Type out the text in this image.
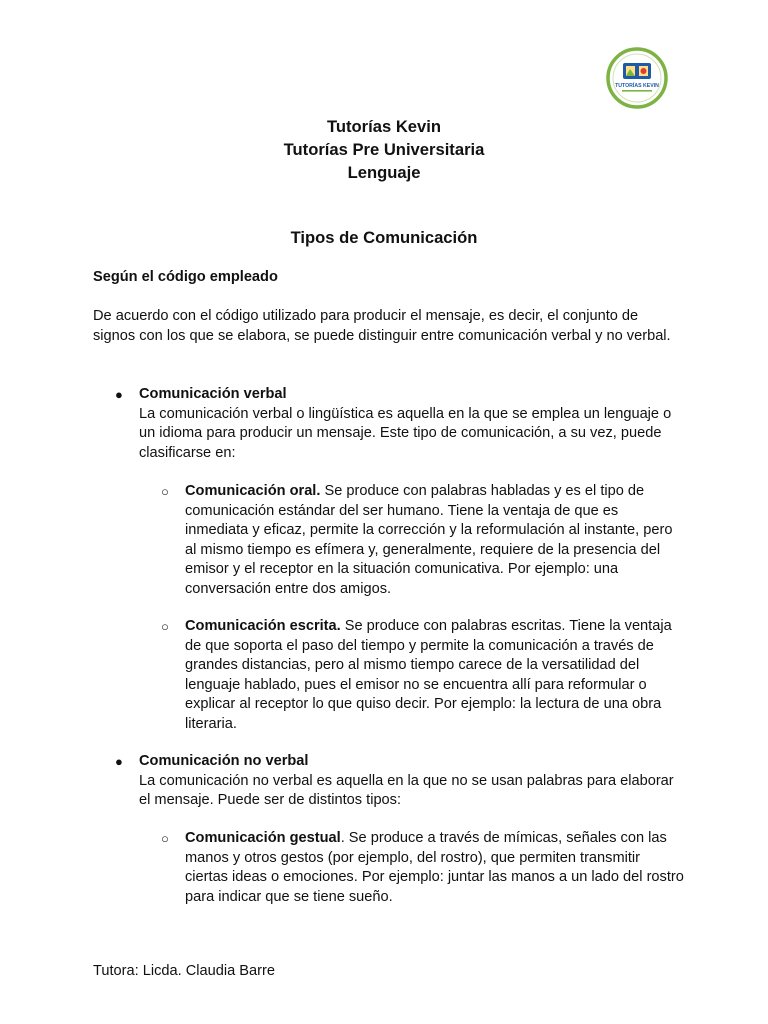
TUTORÍAS KEVIN
Tutorías Kevin
Tutorías Pre Universitaria
Lenguaje
Tipos de Comunicación
Según el código empleado

De acuerdo con el código utilizado para producir el mensaje, es decir, el conjunto de signos con los que se elabora, se puede distinguir entre comunicación verbal y no verbal.

● Comunicación verbal
La comunicación verbal o lingüística es aquella en la que se emplea un lenguaje o un idioma para producir un mensaje. Este tipo de comunicación, a su vez, puede clasificarse en:
○ Comunicación oral. Se produce con palabras habladas y es el tipo de comunicación estándar del ser humano. Tiene la ventaja de que es inmediata y eficaz, permite la corrección y la reformulación al instante, pero al mismo tiempo es efímera y, generalmente, requiere de la presencia del emisor y el receptor en la situación comunicativa. Por ejemplo: una conversación entre dos amigos.
○ Comunicación escrita. Se produce con palabras escritas. Tiene la ventaja de que soporta el paso del tiempo y permite la comunicación a través de grandes distancias, pero al mismo tiempo carece de la versatilidad del lenguaje hablado, pues el emisor no se encuentra allí para reformular o explicar al receptor lo que quiso decir. Por ejemplo: la lectura de una obra literaria.
● Comunicación no verbal
La comunicación no verbal es aquella en la que no se usan palabras para elaborar el mensaje. Puede ser de distintos tipos:
○ Comunicación gestual. Se produce a través de mímicas, señales con las manos y otros gestos (por ejemplo, del rostro), que permiten transmitir ciertas ideas o emociones. Por ejemplo: juntar las manos a un lado del rostro para indicar que se tiene sueño.
Tutora: Licda. Claudia Barre
